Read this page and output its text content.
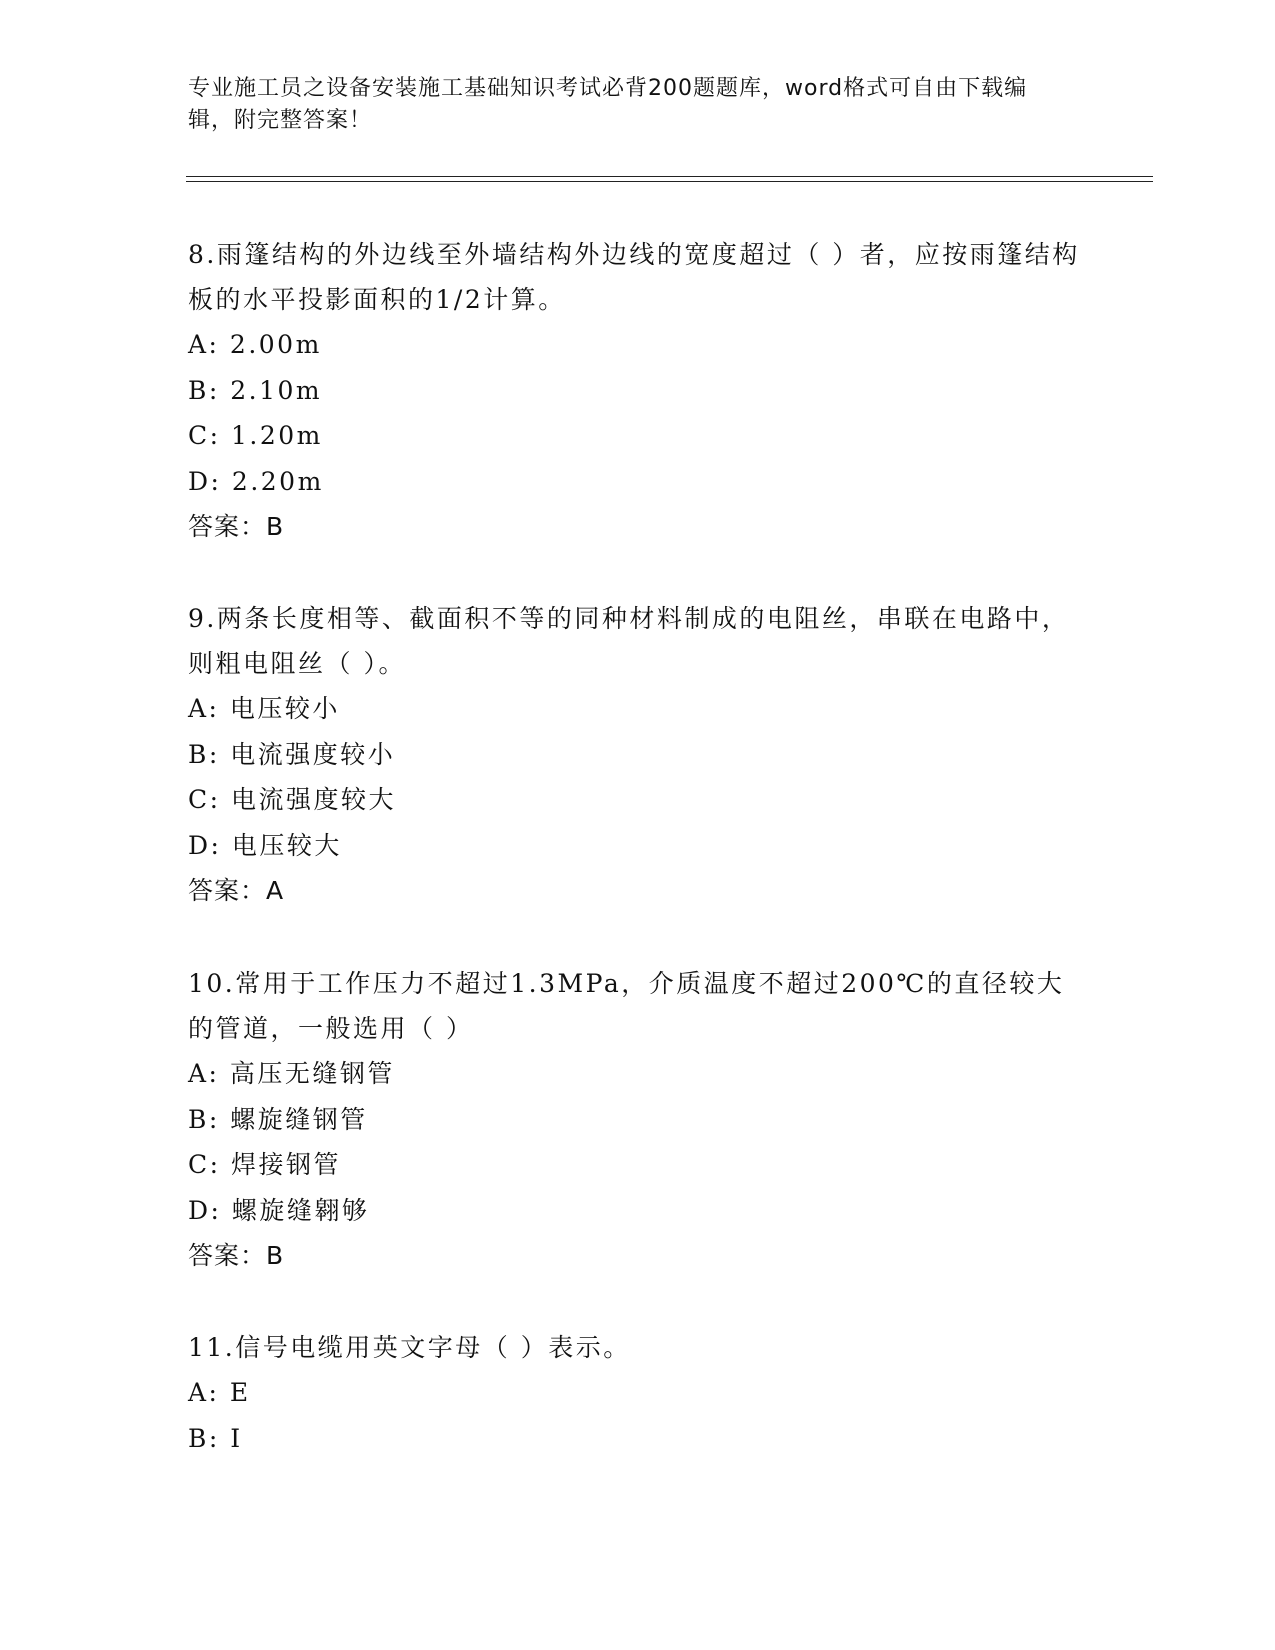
专业施工员之设备安装施工基础知识考试必背200题题库，word格式可自由下载编辑，附完整答案！

8.雨篷结构的外边线至外墙结构外边线的宽度超过（ ）者，应按雨篷结构板的水平投影面积的1/2计算。

A: 2.00m
B: 2.10m
C: 1.20m
D: 2.20m
答案：B

9.两条长度相等、截面积不等的同种材料制成的电阻丝，串联在电路中，则粗电阻丝（ ）。

A: 电压较小
B: 电流强度较小
C: 电流强度较大
D: 电压较大
答案：A

10.常用于工作压力不超过1.3MPa，介质温度不超过200℃的直径较大的管道，一般选用（ ）

A: 高压无缝钢管
B: 螺旋缝钢管
C: 焊接钢管
D: 螺旋缝翱够
答案：B

11.信号电缆用英文字母（ ）表示。

A: E
B: I
